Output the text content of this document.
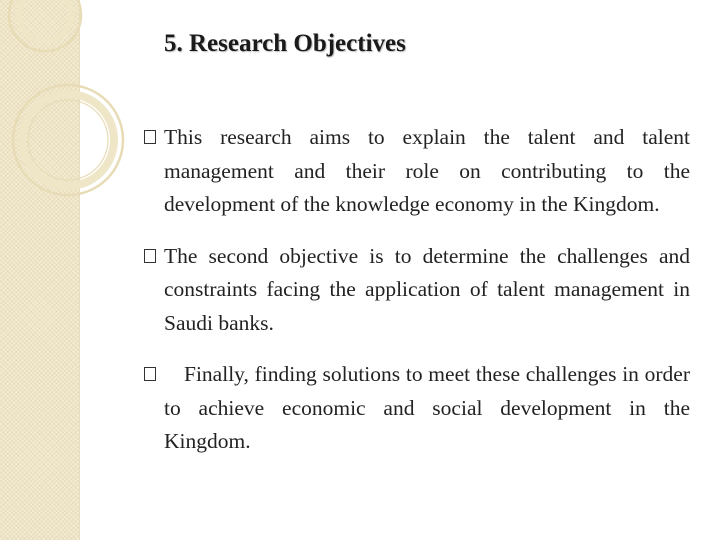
5. Research Objectives
This research aims to explain the talent and talent management and their role on contributing to the development of the knowledge economy in the Kingdom.
The second objective is to determine the challenges and constraints facing the application of talent management in Saudi banks.
Finally, finding solutions to meet these challenges in order to achieve economic and social development in the Kingdom.
